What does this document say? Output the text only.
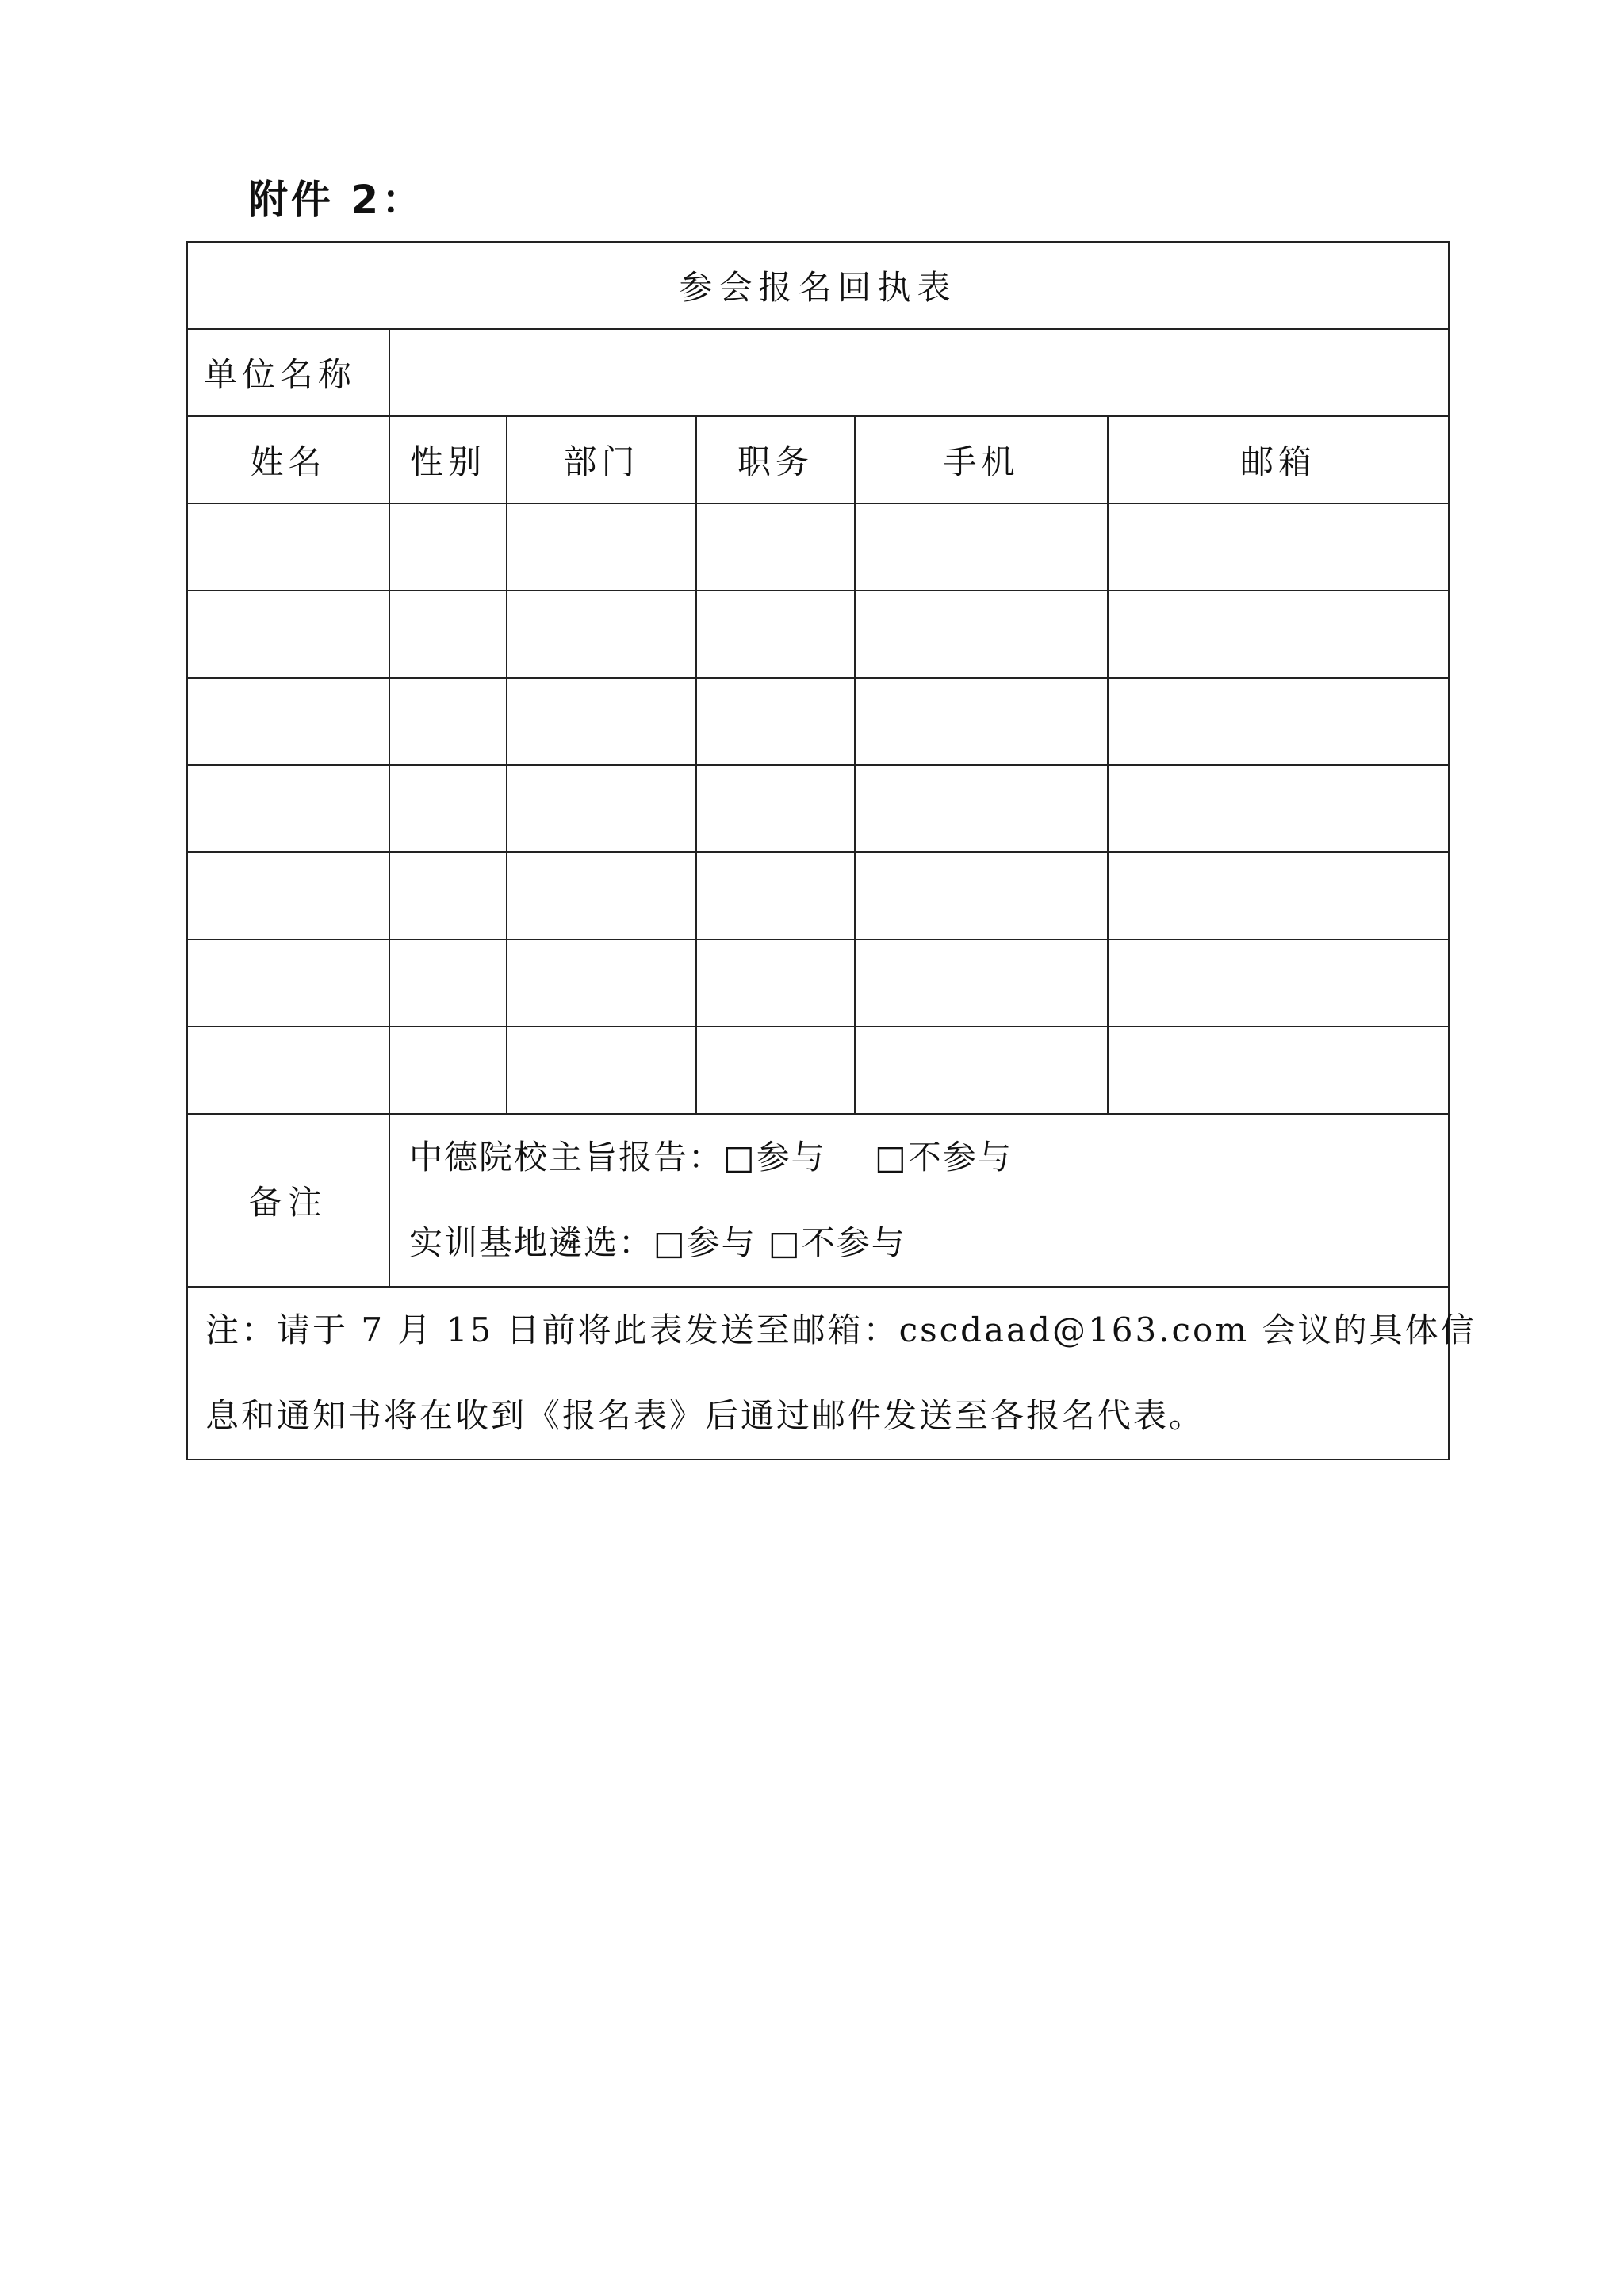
附件 2：
参会报名回执表					
单位名称					
姓名	性别	部门	职务	手机	邮箱

备注	中德院校主旨报告：□参与    □不参与
实训基地遴选：□参与 □不参与				

注：请于 7 月 15 日前将此表发送至邮箱：cscdaad@163.com 会议的具体信
息和通知书将在收到《报名表》后通过邮件发送至各报名代表。					
